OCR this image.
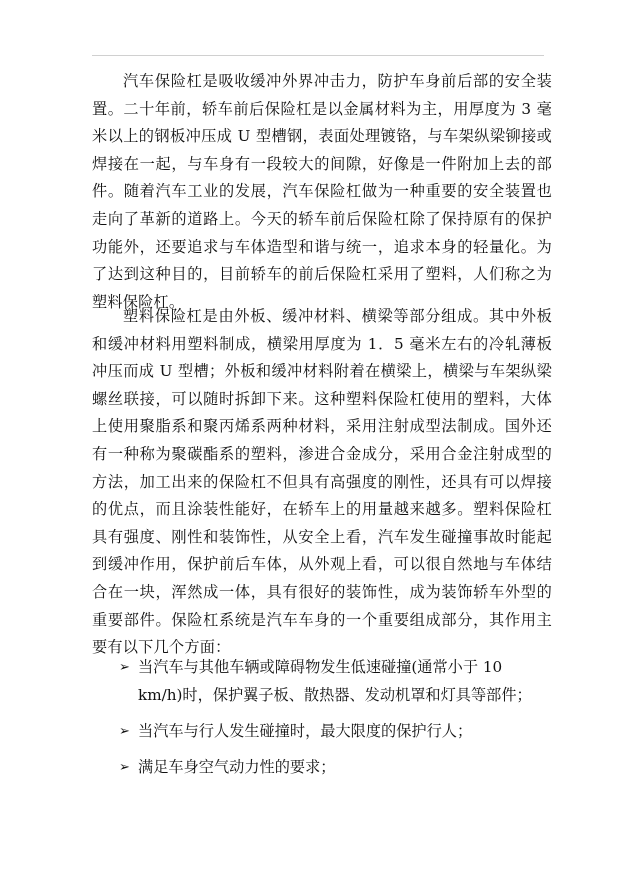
汽车保险杠是吸收缓冲外界冲击力，防护车身前后部的安全装置。二十年前，轿车前后保险杠是以金属材料为主，用厚度为 3 毫米以上的钢板冲压成 U 型槽钢，表面处理镀铬，与车架纵梁铆接或焊接在一起，与车身有一段较大的间隙，好像是一件附加上去的部件。随着汽车工业的发展，汽车保险杠做为一种重要的安全装置也走向了革新的道路上。今天的轿车前后保险杠除了保持原有的保护功能外，还要追求与车体造型和谐与统一，追求本身的轻量化。为了达到这种目的，目前轿车的前后保险杠采用了塑料，人们称之为塑料保险杠。

塑料保险杠是由外板、缓冲材料、横梁等部分组成。其中外板和缓冲材料用塑料制成，横梁用厚度为 1．5 毫米左右的冷轧薄板冲压而成 U 型槽；外板和缓冲材料附着在横梁上，横梁与车架纵梁螺丝联接，可以随时拆卸下来。这种塑料保险杠使用的塑料，大体上使用聚脂系和聚丙烯系两种材料，采用注射成型法制成。国外还有一种称为聚碳酯系的塑料，渗进合金成分，采用合金注射成型的方法，加工出来的保险杠不但具有高强度的刚性，还具有可以焊接的优点，而且涂装性能好，在轿车上的用量越来越多。塑料保险杠具有强度、刚性和装饰性，从安全上看，汽车发生碰撞事故时能起到缓冲作用，保护前后车体，从外观上看，可以很自然地与车体结合在一块，浑然成一体，具有很好的装饰性，成为装饰轿车外型的重要部件。保险杠系统是汽车车身的一个重要组成部分，其作用主要有以下几个方面：

➢ 当汽车与其他车辆或障碍物发生低速碰撞(通常小于 10　km/h)时，保护翼子板、散热器、发动机罩和灯具等部件；
➢ 当汽车与行人发生碰撞时，最大限度的保护行人；
➢ 满足车身空气动力性的要求；
